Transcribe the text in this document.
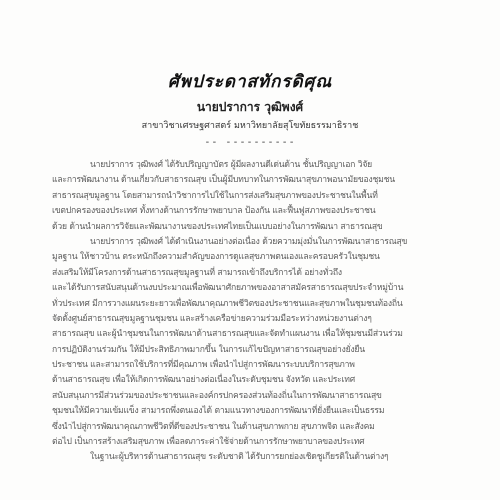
ศัพประดาสทักรดิศุณ
นายปราการ วุฒิพงศ์
สาขาวิชาเศรษฐศาสตร์ มหาวิทยาลัยสุโขทัยธรรมาธิราช
-- ----------
นายปราการ วุฒิพงศ์ ได้รับปริญญาบัตร ผู้มีผลงานดีเด่นด้าน ชั้นปริญญาเอก วิจัย
และการพัฒนางาน ด้านเกี่ยวกับสาธารณสุข เป็นผู้มีบทบาทในการพัฒนาสุขภาพอนามัยของชุมชน
สาธารณสุขมูลฐาน โดยสามารถนำวิชาการไปใช้ในการส่งเสริมสุขภาพของประชาชนในพื้นที่
เขตปกครองของประเทศ ทั้งทางด้านการรักษาพยาบาล ป้องกัน และฟื้นฟูสภาพของประชาชน
ด้วย ด้านนำผลการวิจัยและพัฒนางานของประเทศไทยเป็นแบบอย่างในการพัฒนา สาธารณสุข
นายปราการ วุฒิพงศ์ ได้ดำเนินงานอย่างต่อเนื่อง ด้วยความมุ่งมั่นในการพัฒนาสาธารณสุข
มูลฐาน ให้ชาวบ้าน ตระหนักถึงความสำคัญของการดูแลสุขภาพตนเองและครอบครัวในชุมชน
ส่งเสริมให้มีโครงการด้านสาธารณสุขมูลฐานที่ สามารถเข้าถึงบริการได้ อย่างทั่วถึง
และได้รับการสนับสนุนด้านงบประมาณเพื่อพัฒนาศักยภาพของอาสาสมัครสาธารณสุขประจำหมู่บ้าน
ทั่วประเทศ มีการวางแผนระยะยาวเพื่อพัฒนาคุณภาพชีวิตของประชาชนและสุขภาพในชุมชนท้องถิ่น
จัดตั้งศูนย์สาธารณสุขมูลฐานชุมชน และสร้างเครือข่ายความร่วมมือระหว่างหน่วยงานต่างๆ
สาธารณสุข และผู้นำชุมชนในการพัฒนาด้านสาธารณสุขและจัดทำแผนงาน เพื่อให้ชุมชนมีส่วนร่วม
การปฏิบัติงานร่วมกัน ให้มีประสิทธิภาพมากขึ้น ในการแก้ไขปัญหาสาธารณสุขอย่างยั่งยืน
ประชาชน และสามารถใช้บริการที่มีคุณภาพ เพื่อนำไปสู่การพัฒนาระบบบริการสุขภาพ
ด้านสาธารณสุข เพื่อให้เกิดการพัฒนาอย่างต่อเนื่องในระดับชุมชน จังหวัด และประเทศ
สนับสนุนการมีส่วนร่วมของประชาชนและองค์กรปกครองส่วนท้องถิ่นในการพัฒนาสาธารณสุข
ชุมชนให้มีความเข้มแข็ง สามารถพึ่งตนเองได้ ตามแนวทางของการพัฒนาที่ยั่งยืนและเป็นธรรม
ซึ่งนำไปสู่การพัฒนาคุณภาพชีวิตที่ดีของประชาชน ในด้านสุขภาพกาย สุขภาพจิต และสังคม
ต่อไป เป็นการสร้างเสริมสุขภาพ เพื่อลดภาระค่าใช้จ่ายด้านการรักษาพยาบาลของประเทศ
ในฐานะผู้บริหารด้านสาธารณสุข ระดับชาติ ได้รับการยกย่องเชิดชูเกียรติในด้านต่างๆ
